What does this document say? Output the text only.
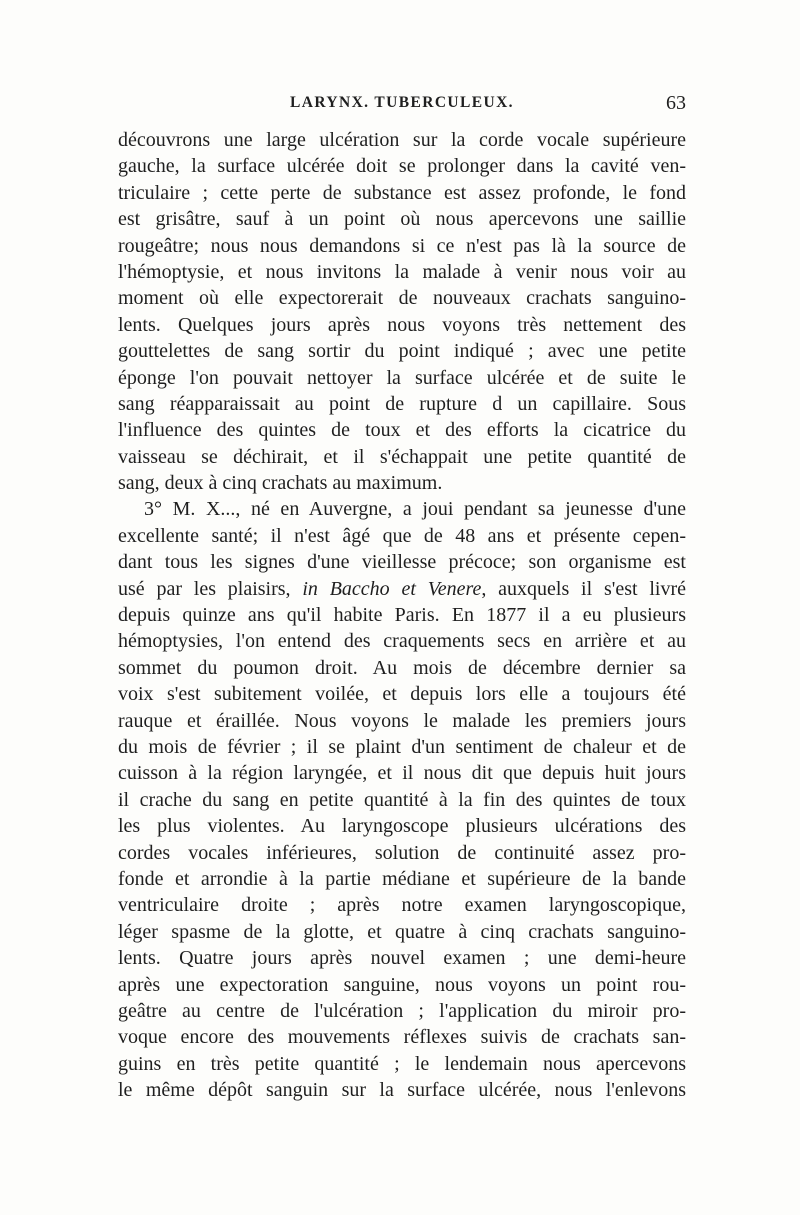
LARYNX. TUBERCULEUX.	63
découvrons une large ulcération sur la corde vocale supérieure
gauche, la surface ulcérée doit se prolonger dans la cavité ven-
triculaire ; cette perte de substance est assez profonde, le fond
est grisâtre, sauf à un point où nous apercevons une saillie
rougeâtre; nous nous demandons si ce n'est pas là la source de
l'hémoptysie, et nous invitons la malade à venir nous voir au
moment où elle expectorerait de nouveaux crachats sanguino-
lents. Quelques jours après nous voyons très nettement des
gouttelettes de sang sortir du point indiqué ; avec une petite
éponge l'on pouvait nettoyer la surface ulcérée et de suite le
sang réapparaissait au point de rupture d un capillaire. Sous
l'influence des quintes de toux et des efforts la cicatrice du
vaisseau se déchirait, et il s'échappait une petite quantité de
sang, deux à cinq crachats au maximum.
3° M. X..., né en Auvergne, a joui pendant sa jeunesse d'une
excellente santé; il n'est âgé que de 48 ans et présente cepen-
dant tous les signes d'une vieillesse précoce; son organisme est
usé par les plaisirs, in Baccho et Venere, auxquels il s'est livré
depuis quinze ans qu'il habite Paris. En 1877 il a eu plusieurs
hémoptysies, l'on entend des craquements secs en arrière et au
sommet du poumon droit. Au mois de décembre dernier sa
voix s'est subitement voilée, et depuis lors elle a toujours été
rauque et éraillée. Nous voyons le malade les premiers jours
du mois de février ; il se plaint d'un sentiment de chaleur et de
cuisson à la région laryngée, et il nous dit que depuis huit jours
il crache du sang en petite quantité à la fin des quintes de toux
les plus violentes. Au laryngoscope plusieurs ulcérations des
cordes vocales inférieures, solution de continuité assez pro-
fonde et arrondie à la partie médiane et supérieure de la bande
ventriculaire droite ; après notre examen laryngoscopique,
léger spasme de la glotte, et quatre à cinq crachats sanguino-
lents. Quatre jours après nouvel examen ; une demi-heure
après une expectoration sanguine, nous voyons un point rou-
geâtre au centre de l'ulcération ; l'application du miroir pro-
voque encore des mouvements réflexes suivis de crachats san-
guins en très petite quantité ; le lendemain nous apercevons
le même dépôt sanguin sur la surface ulcérée, nous l'enlevons
